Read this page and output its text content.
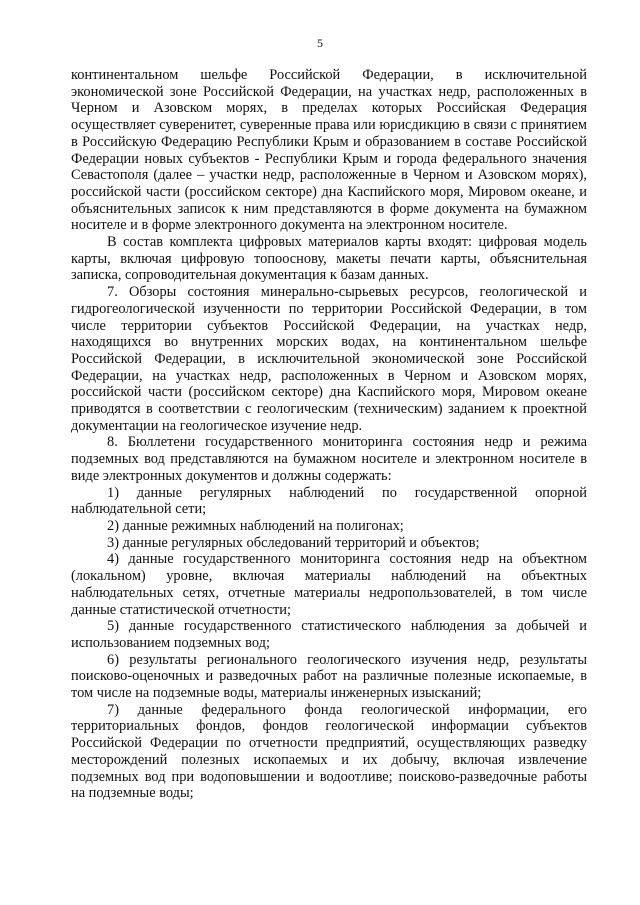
5

континентальном шельфе Российской Федерации, в исключительной экономической зоне Российской Федерации, на участках недр, расположенных в Черном и Азовском морях, в пределах которых Российская Федерация осуществляет суверенитет, суверенные права или юрисдикцию в связи с принятием в Российскую Федерацию Республики Крым и образованием в составе Российской Федерации новых субъектов - Республики Крым и города федерального значения Севастополя (далее – участки недр, расположенные в Черном и Азовском морях), российской части (российском секторе) дна Каспийского моря, Мировом океане, и объяснительных записок к ним представляются в форме документа на бумажном носителе и в форме электронного документа на электронном носителе.

В состав комплекта цифровых материалов карты входят: цифровая модель карты, включая цифровую топооснову, макеты печати карты, объяснительная записка, сопроводительная документация к базам данных.

7. Обзоры состояния минерально-сырьевых ресурсов, геологической и гидрогеологической изученности по территории Российской Федерации, в том числе территории субъектов Российской Федерации, на участках недр, находящихся во внутренних морских водах, на континентальном шельфе Российской Федерации, в исключительной экономической зоне Российской Федерации, на участках недр, расположенных в Черном и Азовском морях, российской части (российском секторе) дна Каспийского моря, Мировом океане приводятся в соответствии с геологическим (техническим) заданием к проектной документации на геологическое изучение недр.

8. Бюллетени государственного мониторинга состояния недр и режима подземных вод представляются на бумажном носителе и электронном носителе в виде электронных документов и должны содержать:

1) данные регулярных наблюдений по государственной опорной наблюдательной сети;

2) данные режимных наблюдений на полигонах;

3) данные регулярных обследований территорий и объектов;

4) данные государственного мониторинга состояния недр на объектном (локальном) уровне, включая материалы наблюдений на объектных наблюдательных сетях, отчетные материалы недропользователей, в том числе данные статистической отчетности;

5) данные государственного статистического наблюдения за добычей и использованием подземных вод;

6) результаты регионального геологического изучения недр, результаты поисково-оценочных и разведочных работ на различные полезные ископаемые, в том числе на подземные воды, материалы инженерных изысканий;

7) данные федерального фонда геологической информации, его территориальных фондов, фондов геологической информации субъектов Российской Федерации по отчетности предприятий, осуществляющих разведку месторождений полезных ископаемых и их добычу, включая извлечение подземных вод при водоповышении и водоотливе; поисково-разведочные работы на подземные воды;
